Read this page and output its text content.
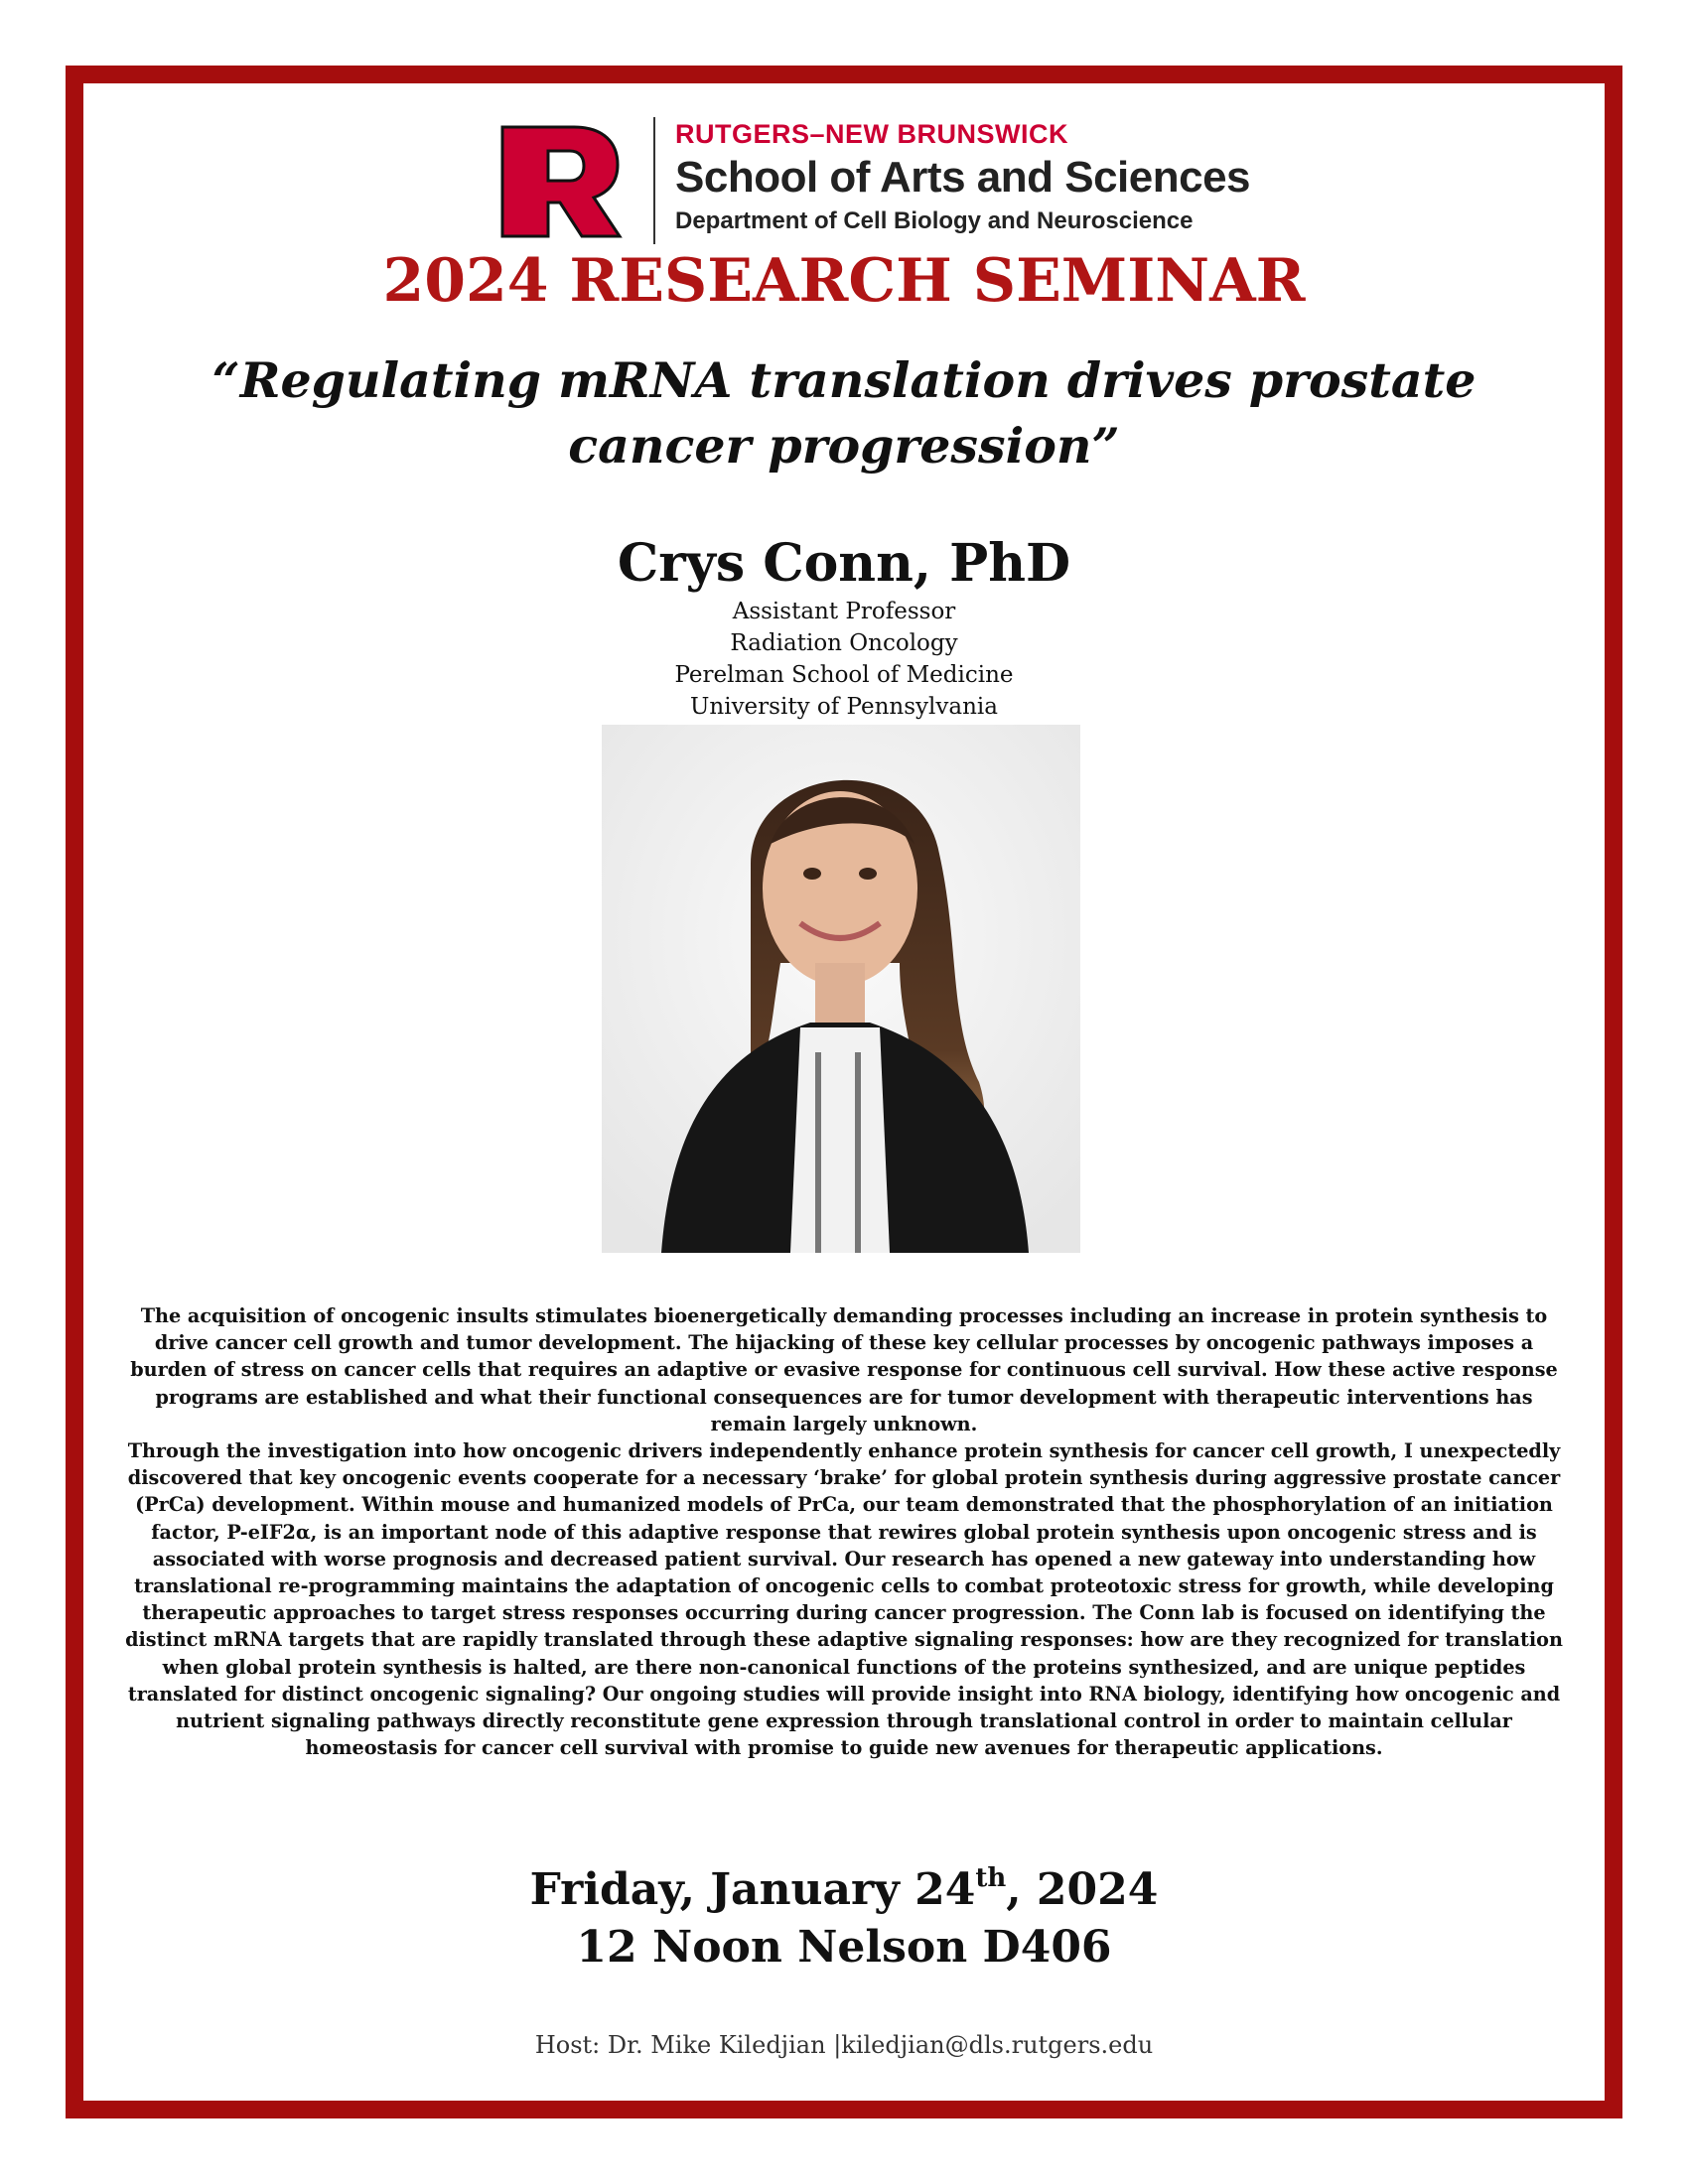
RUTGERS–NEW BRUNSWICK
School of Arts and Sciences
Department of Cell Biology and Neuroscience
2024 RESEARCH SEMINAR
“Regulating mRNA translation drives prostate cancer progression”
Crys Conn, PhD
Assistant Professor
Radiation Oncology
Perelman School of Medicine
University of Pennsylvania

The acquisition of oncogenic insults stimulates bioenergetically demanding processes including an increase in protein synthesis to drive cancer cell growth and tumor development. The hijacking of these key cellular processes by oncogenic pathways imposes a burden of stress on cancer cells that requires an adaptive or evasive response for continuous cell survival. How these active response programs are established and what their functional consequences are for tumor development with therapeutic interventions has remain largely unknown.

Through the investigation into how oncogenic drivers independently enhance protein synthesis for cancer cell growth, I unexpectedly discovered that key oncogenic events cooperate for a necessary ‘brake’ for global protein synthesis during aggressive prostate cancer (PrCa) development. Within mouse and humanized models of PrCa, our team demonstrated that the phosphorylation of an initiation factor, P-eIF2α, is an important node of this adaptive response that rewires global protein synthesis upon oncogenic stress and is associated with worse prognosis and decreased patient survival. Our research has opened a new gateway into understanding how translational re-programming maintains the adaptation of oncogenic cells to combat proteotoxic stress for growth, while developing therapeutic approaches to target stress responses occurring during cancer progression. The Conn lab is focused on identifying the distinct mRNA targets that are rapidly translated through these adaptive signaling responses: how are they recognized for translation when global protein synthesis is halted, are there non-canonical functions of the proteins synthesized, and are unique peptides translated for distinct oncogenic signaling? Our ongoing studies will provide insight into RNA biology, identifying how oncogenic and nutrient signaling pathways directly reconstitute gene expression through translational control in order to maintain cellular homeostasis for cancer cell survival with promise to guide new avenues for therapeutic applications.

Friday, January 24th, 2024
12 Noon Nelson D406
Host: Dr. Mike Kiledjian |kiledjian@dls.rutgers.edu
